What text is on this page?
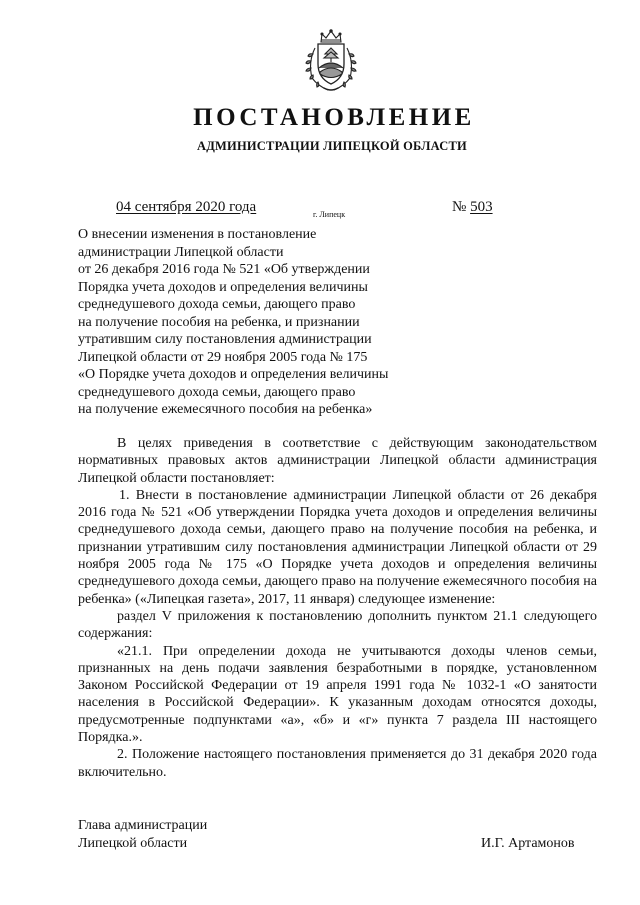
ПОСТАНОВЛЕНИЕ
АДМИНИСТРАЦИИ ЛИПЕЦКОЙ ОБЛАСТИ
04 сентября 2020 года	г. Липецк	№ 503
О внесении изменения в постановление
администрации Липецкой области
от 26 декабря 2016 года № 521 «Об утверждении
Порядка учета доходов и определения величины
среднедушевого дохода семьи, дающего право
на получение пособия на ребенка, и признании
утратившим силу постановления администрации
Липецкой области от 29 ноября 2005 года № 175
«О Порядке учета доходов и определения величины
среднедушевого дохода семьи, дающего право
на получение ежемесячного пособия на ребенка»

В целях приведения в соответствие с действующим законодательством нормативных правовых актов администрации Липецкой области администрация Липецкой области постановляет:

1. Внести в постановление администрации Липецкой области от 26 декабря 2016 года № 521 «Об утверждении Порядка учета доходов и определения величины среднедушевого дохода семьи, дающего право на получение пособия на ребенка, и признании утратившим силу постановления администрации Липецкой области от 29 ноября 2005 года № 175 «О Порядке учета доходов и определения величины среднедушевого дохода семьи, дающего право на получение ежемесячного пособия на ребенка» («Липецкая газета», 2017, 11 января) следующее изменение:

раздел V приложения к постановлению дополнить пунктом 21.1 следующего содержания:

«21.1. При определении дохода не учитываются доходы членов семьи, признанных на день подачи заявления безработными в порядке, установленном Законом Российской Федерации от 19 апреля 1991 года № 1032-1 «О занятости населения в Российской Федерации». К указанным доходам относятся доходы, предусмотренные подпунктами «а», «б» и «г» пункта 7 раздела III настоящего Порядка.».

2. Положение настоящего постановления применяется до 31 декабря 2020 года включительно.

Глава администрации
Липецкой области	И.Г. Артамонов
